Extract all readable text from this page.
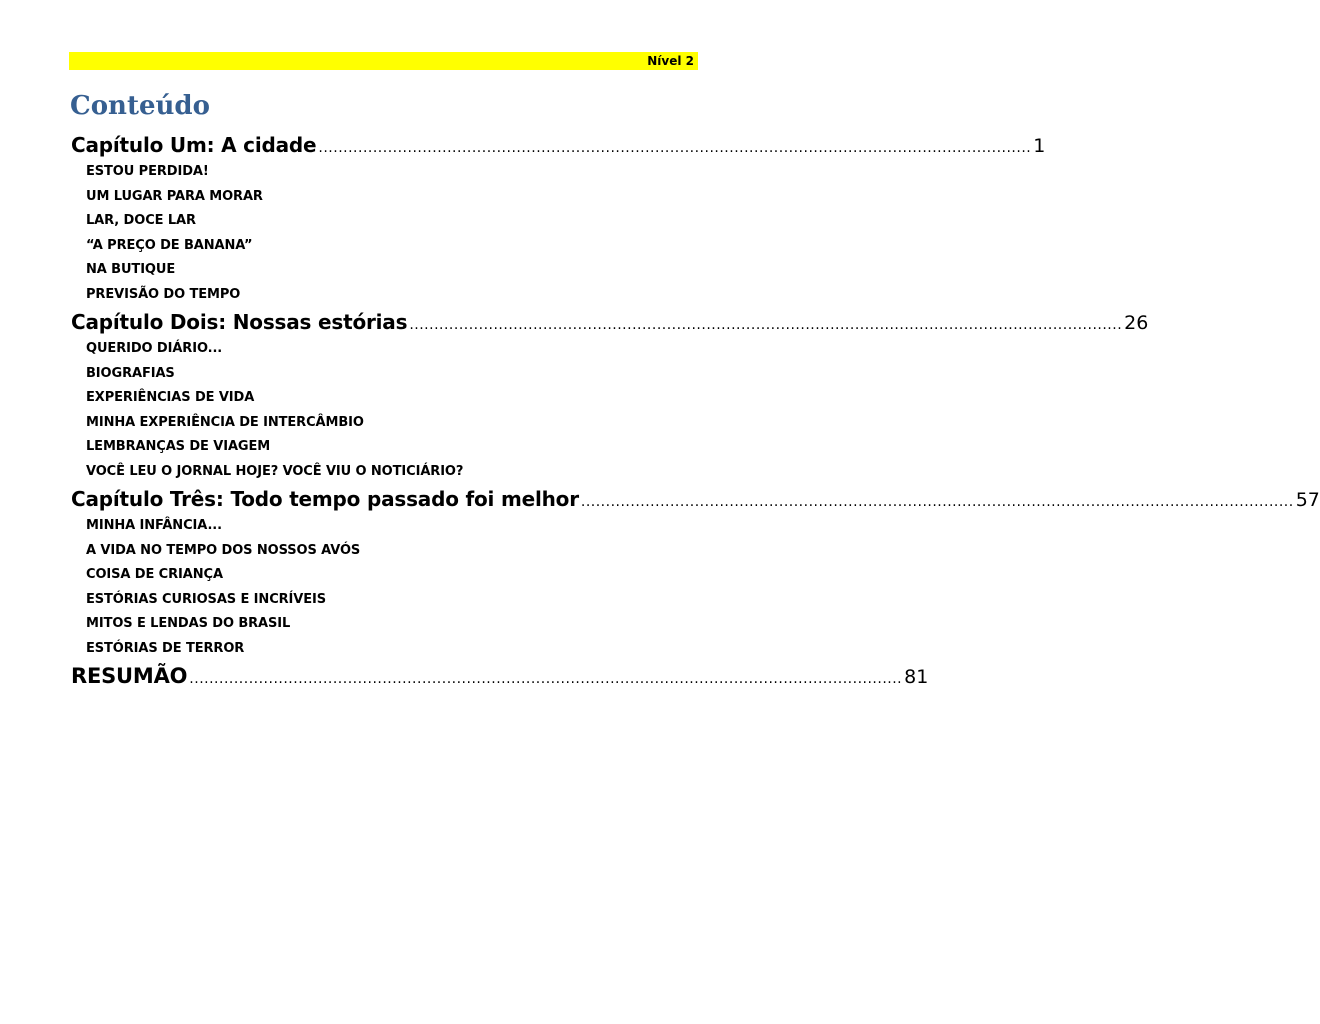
Nível 2
Conteúdo
Capítulo Um: A cidade ................................................................................................................................................ 1
ESTOU PERDIDA!
UM LUGAR PARA MORAR
LAR, DOCE LAR
“A PREÇO DE BANANA”
NA BUTIQUE
PREVISÃO DO TEMPO
Capítulo Dois: Nossas estórias ................................................................................................................................................ 26
QUERIDO DIÁRIO...
BIOGRAFIAS
EXPERIÊNCIAS DE VIDA
MINHA EXPERIÊNCIA DE INTERCÂMBIO
LEMBRANÇAS DE VIAGEM
VOCÊ LEU O JORNAL HOJE? VOCÊ VIU O NOTICIÁRIO?
Capítulo Três: Todo tempo passado foi melhor ................................................................................................................................................ 57
MINHA INFÂNCIA...
A VIDA NO TEMPO DOS NOSSOS AVÓS
COISA DE CRIANÇA
ESTÓRIAS CURIOSAS E INCRÍVEIS
MITOS E LENDAS DO BRASIL
ESTÓRIAS DE TERROR
RESUMÃO ................................................................................................................................................ 81
